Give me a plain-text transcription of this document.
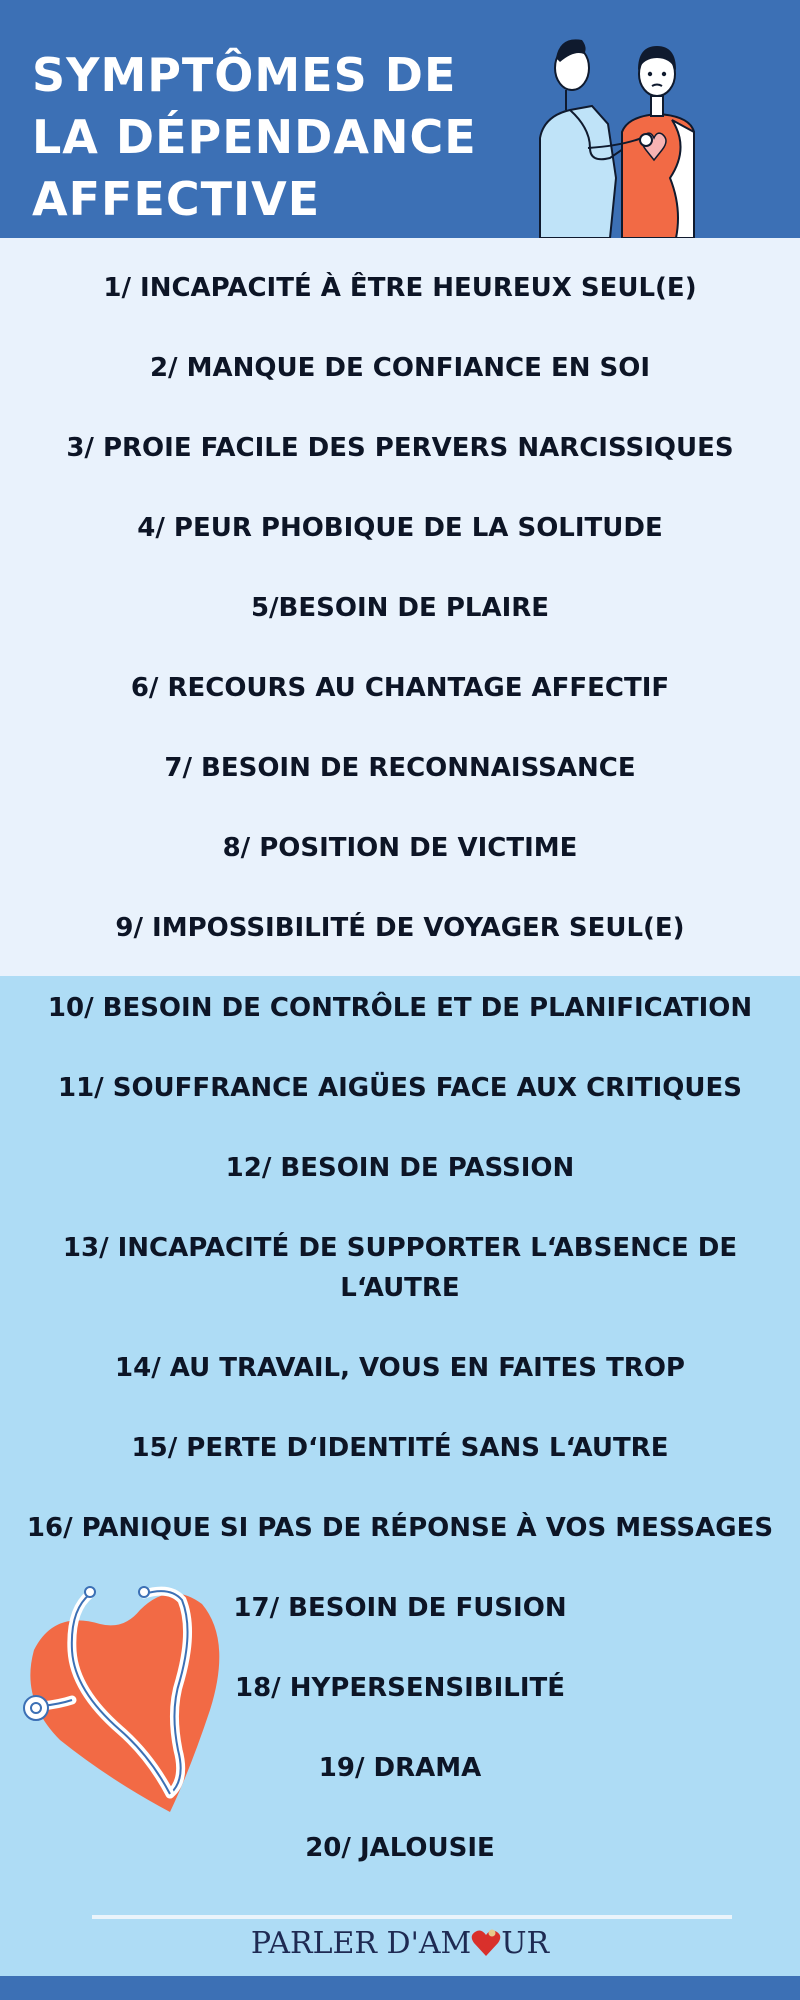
SYMPTÔMES DE
LA DÉPENDANCE
AFFECTIVE
1/ INCAPACITÉ À ÊTRE HEUREUX SEUL(E)
2/ MANQUE DE CONFIANCE EN SOI
3/ PROIE FACILE DES PERVERS NARCISSIQUES
4/ PEUR PHOBIQUE DE LA SOLITUDE
5/BESOIN DE PLAIRE
6/ RECOURS AU CHANTAGE AFFECTIF
7/ BESOIN DE RECONNAISSANCE
8/ POSITION DE VICTIME
9/ IMPOSSIBILITÉ DE VOYAGER SEUL(E)
10/ BESOIN DE CONTRÔLE ET DE PLANIFICATION
11/ SOUFFRANCE AIGÜES FACE AUX CRITIQUES
12/ BESOIN DE PASSION
13/ INCAPACITÉ DE SUPPORTER L‘ABSENCE DE L‘AUTRE
14/ AU TRAVAIL, VOUS EN FAITES TROP
15/ PERTE D‘IDENTITÉ SANS L‘AUTRE
16/ PANIQUE SI PAS DE RÉPONSE À VOS MESSAGES
17/ BESOIN DE FUSION
18/ HYPERSENSIBILITÉ
19/ DRAMA
20/ JALOUSIE
PARLER D'AM UR
